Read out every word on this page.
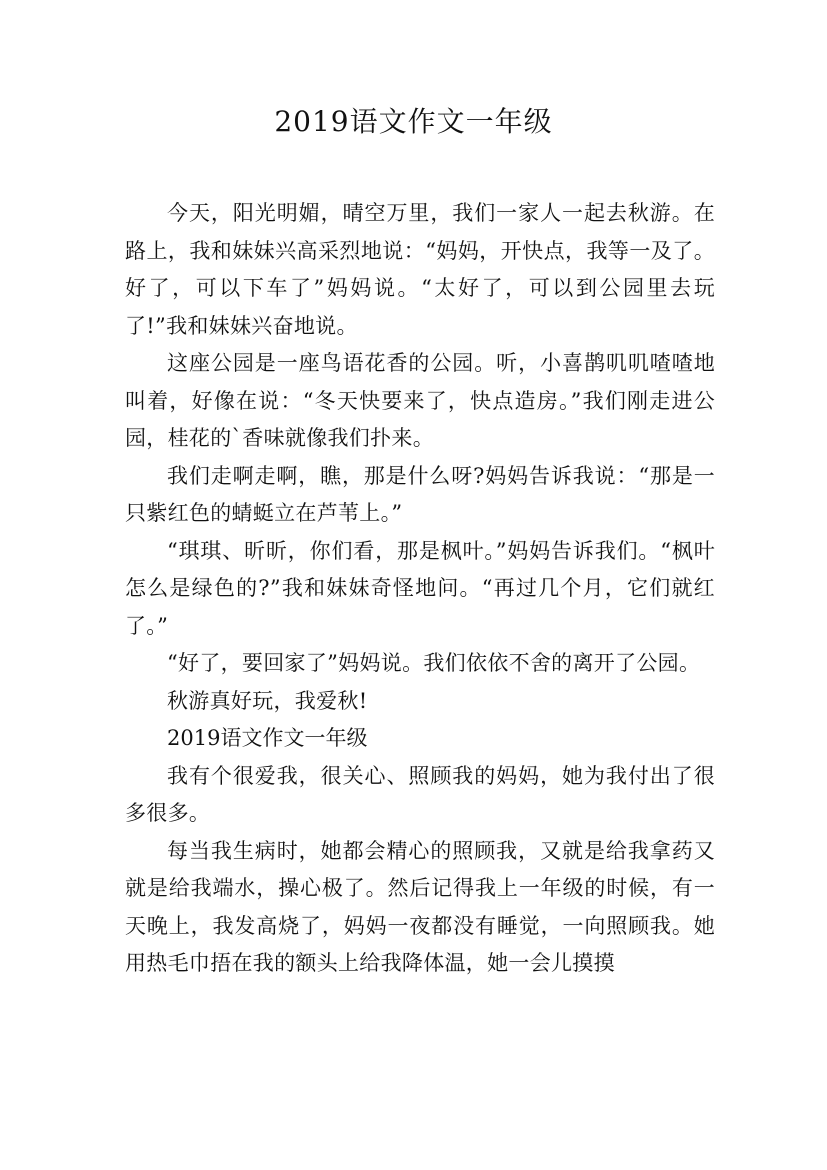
2019语文作文一年级

今天，阳光明媚，晴空万里，我们一家人一起去秋游。在路上，我和妹妹兴高采烈地说：“妈妈，开快点，我等一及了。好了，可以下车了”妈妈说。“太好了，可以到公园里去玩了!”我和妹妹兴奋地说。

这座公园是一座鸟语花香的公园。听，小喜鹊叽叽喳喳地叫着，好像在说：“冬天快要来了，快点造房。”我们刚走进公园，桂花的`香味就像我们扑来。

我们走啊走啊，瞧，那是什么呀?妈妈告诉我说：“那是一只紫红色的蜻蜓立在芦苇上。”

“琪琪、昕昕，你们看，那是枫叶。”妈妈告诉我们。“枫叶怎么是绿色的?”我和妹妹奇怪地问。“再过几个月，它们就红了。”

“好了，要回家了”妈妈说。我们依依不舍的离开了公园。

秋游真好玩，我爱秋!

2019语文作文一年级

我有个很爱我，很关心、照顾我的妈妈，她为我付出了很多很多。

每当我生病时，她都会精心的照顾我，又就是给我拿药又就是给我端水，操心极了。然后记得我上一年级的时候，有一天晚上，我发高烧了，妈妈一夜都没有睡觉，一向照顾我。她用热毛巾捂在我的额头上给我降体温，她一会儿摸摸
